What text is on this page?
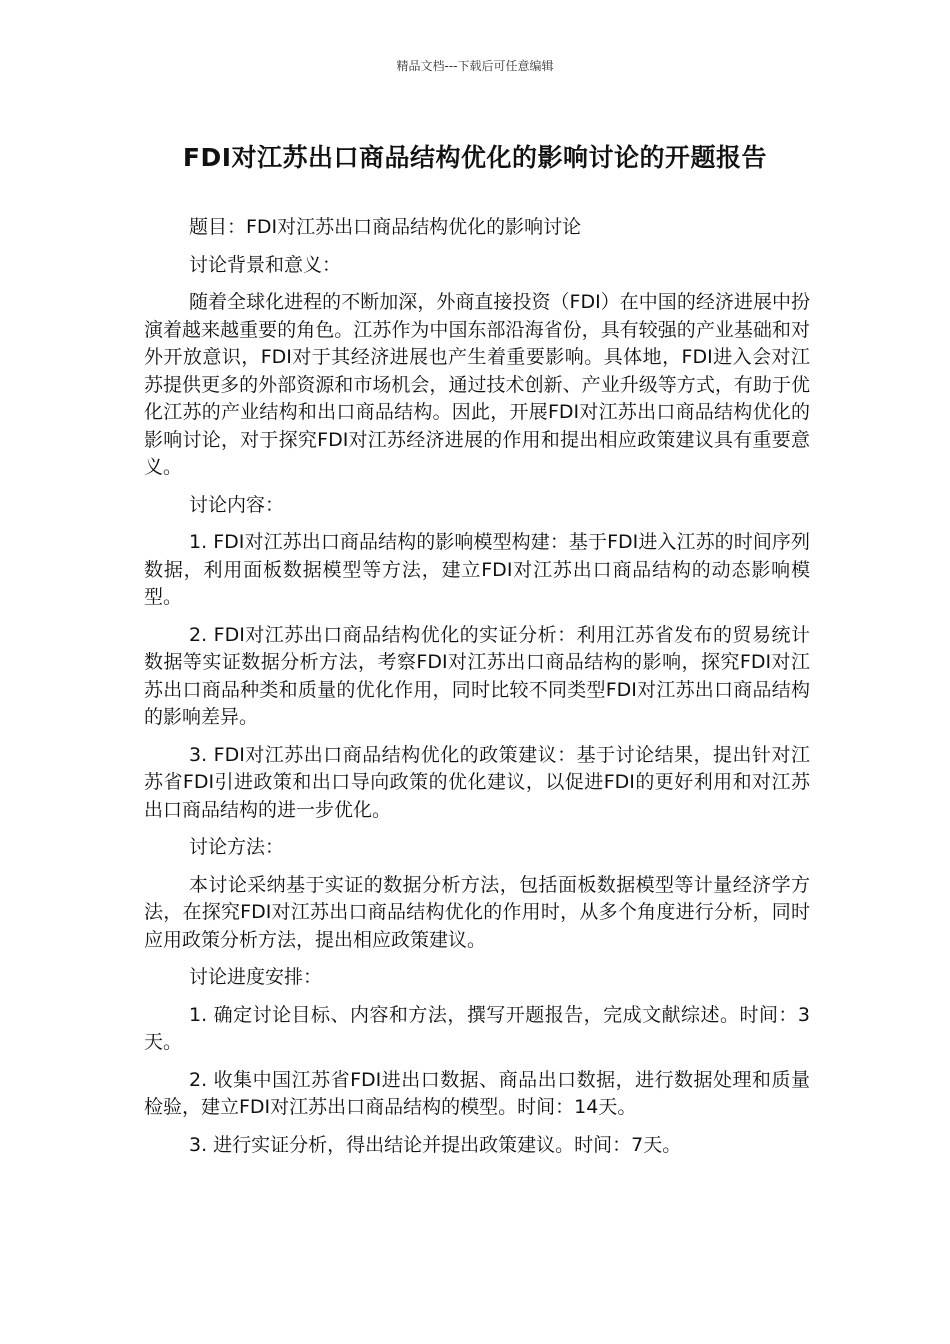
精品文档---下载后可任意编辑
FDI对江苏出口商品结构优化的影响讨论的开题报告

题目：FDI对江苏出口商品结构优化的影响讨论

讨论背景和意义：

随着全球化进程的不断加深，外商直接投资（FDI）在中国的经济进展中扮演着越来越重要的角色。江苏作为中国东部沿海省份，具有较强的产业基础和对外开放意识，FDI对于其经济进展也产生着重要影响。具体地，FDI进入会对江苏提供更多的外部资源和市场机会，通过技术创新、产业升级等方式，有助于优化江苏的产业结构和出口商品结构。因此，开展FDI对江苏出口商品结构优化的影响讨论，对于探究FDI对江苏经济进展的作用和提出相应政策建议具有重要意义。

讨论内容：

1. FDI对江苏出口商品结构的影响模型构建：基于FDI进入江苏的时间序列数据，利用面板数据模型等方法，建立FDI对江苏出口商品结构的动态影响模型。

2. FDI对江苏出口商品结构优化的实证分析：利用江苏省发布的贸易统计数据等实证数据分析方法，考察FDI对江苏出口商品结构的影响，探究FDI对江苏出口商品种类和质量的优化作用，同时比较不同类型FDI对江苏出口商品结构的影响差异。

3. FDI对江苏出口商品结构优化的政策建议：基于讨论结果，提出针对江苏省FDI引进政策和出口导向政策的优化建议，以促进FDI的更好利用和对江苏出口商品结构的进一步优化。

讨论方法：

本讨论采纳基于实证的数据分析方法，包括面板数据模型等计量经济学方法，在探究FDI对江苏出口商品结构优化的作用时，从多个角度进行分析，同时应用政策分析方法，提出相应政策建议。

讨论进度安排：

1. 确定讨论目标、内容和方法，撰写开题报告，完成文献综述。时间：3天。

2. 收集中国江苏省FDI进出口数据、商品出口数据，进行数据处理和质量检验，建立FDI对江苏出口商品结构的模型。时间：14天。

3. 进行实证分析，得出结论并提出政策建议。时间：7天。
